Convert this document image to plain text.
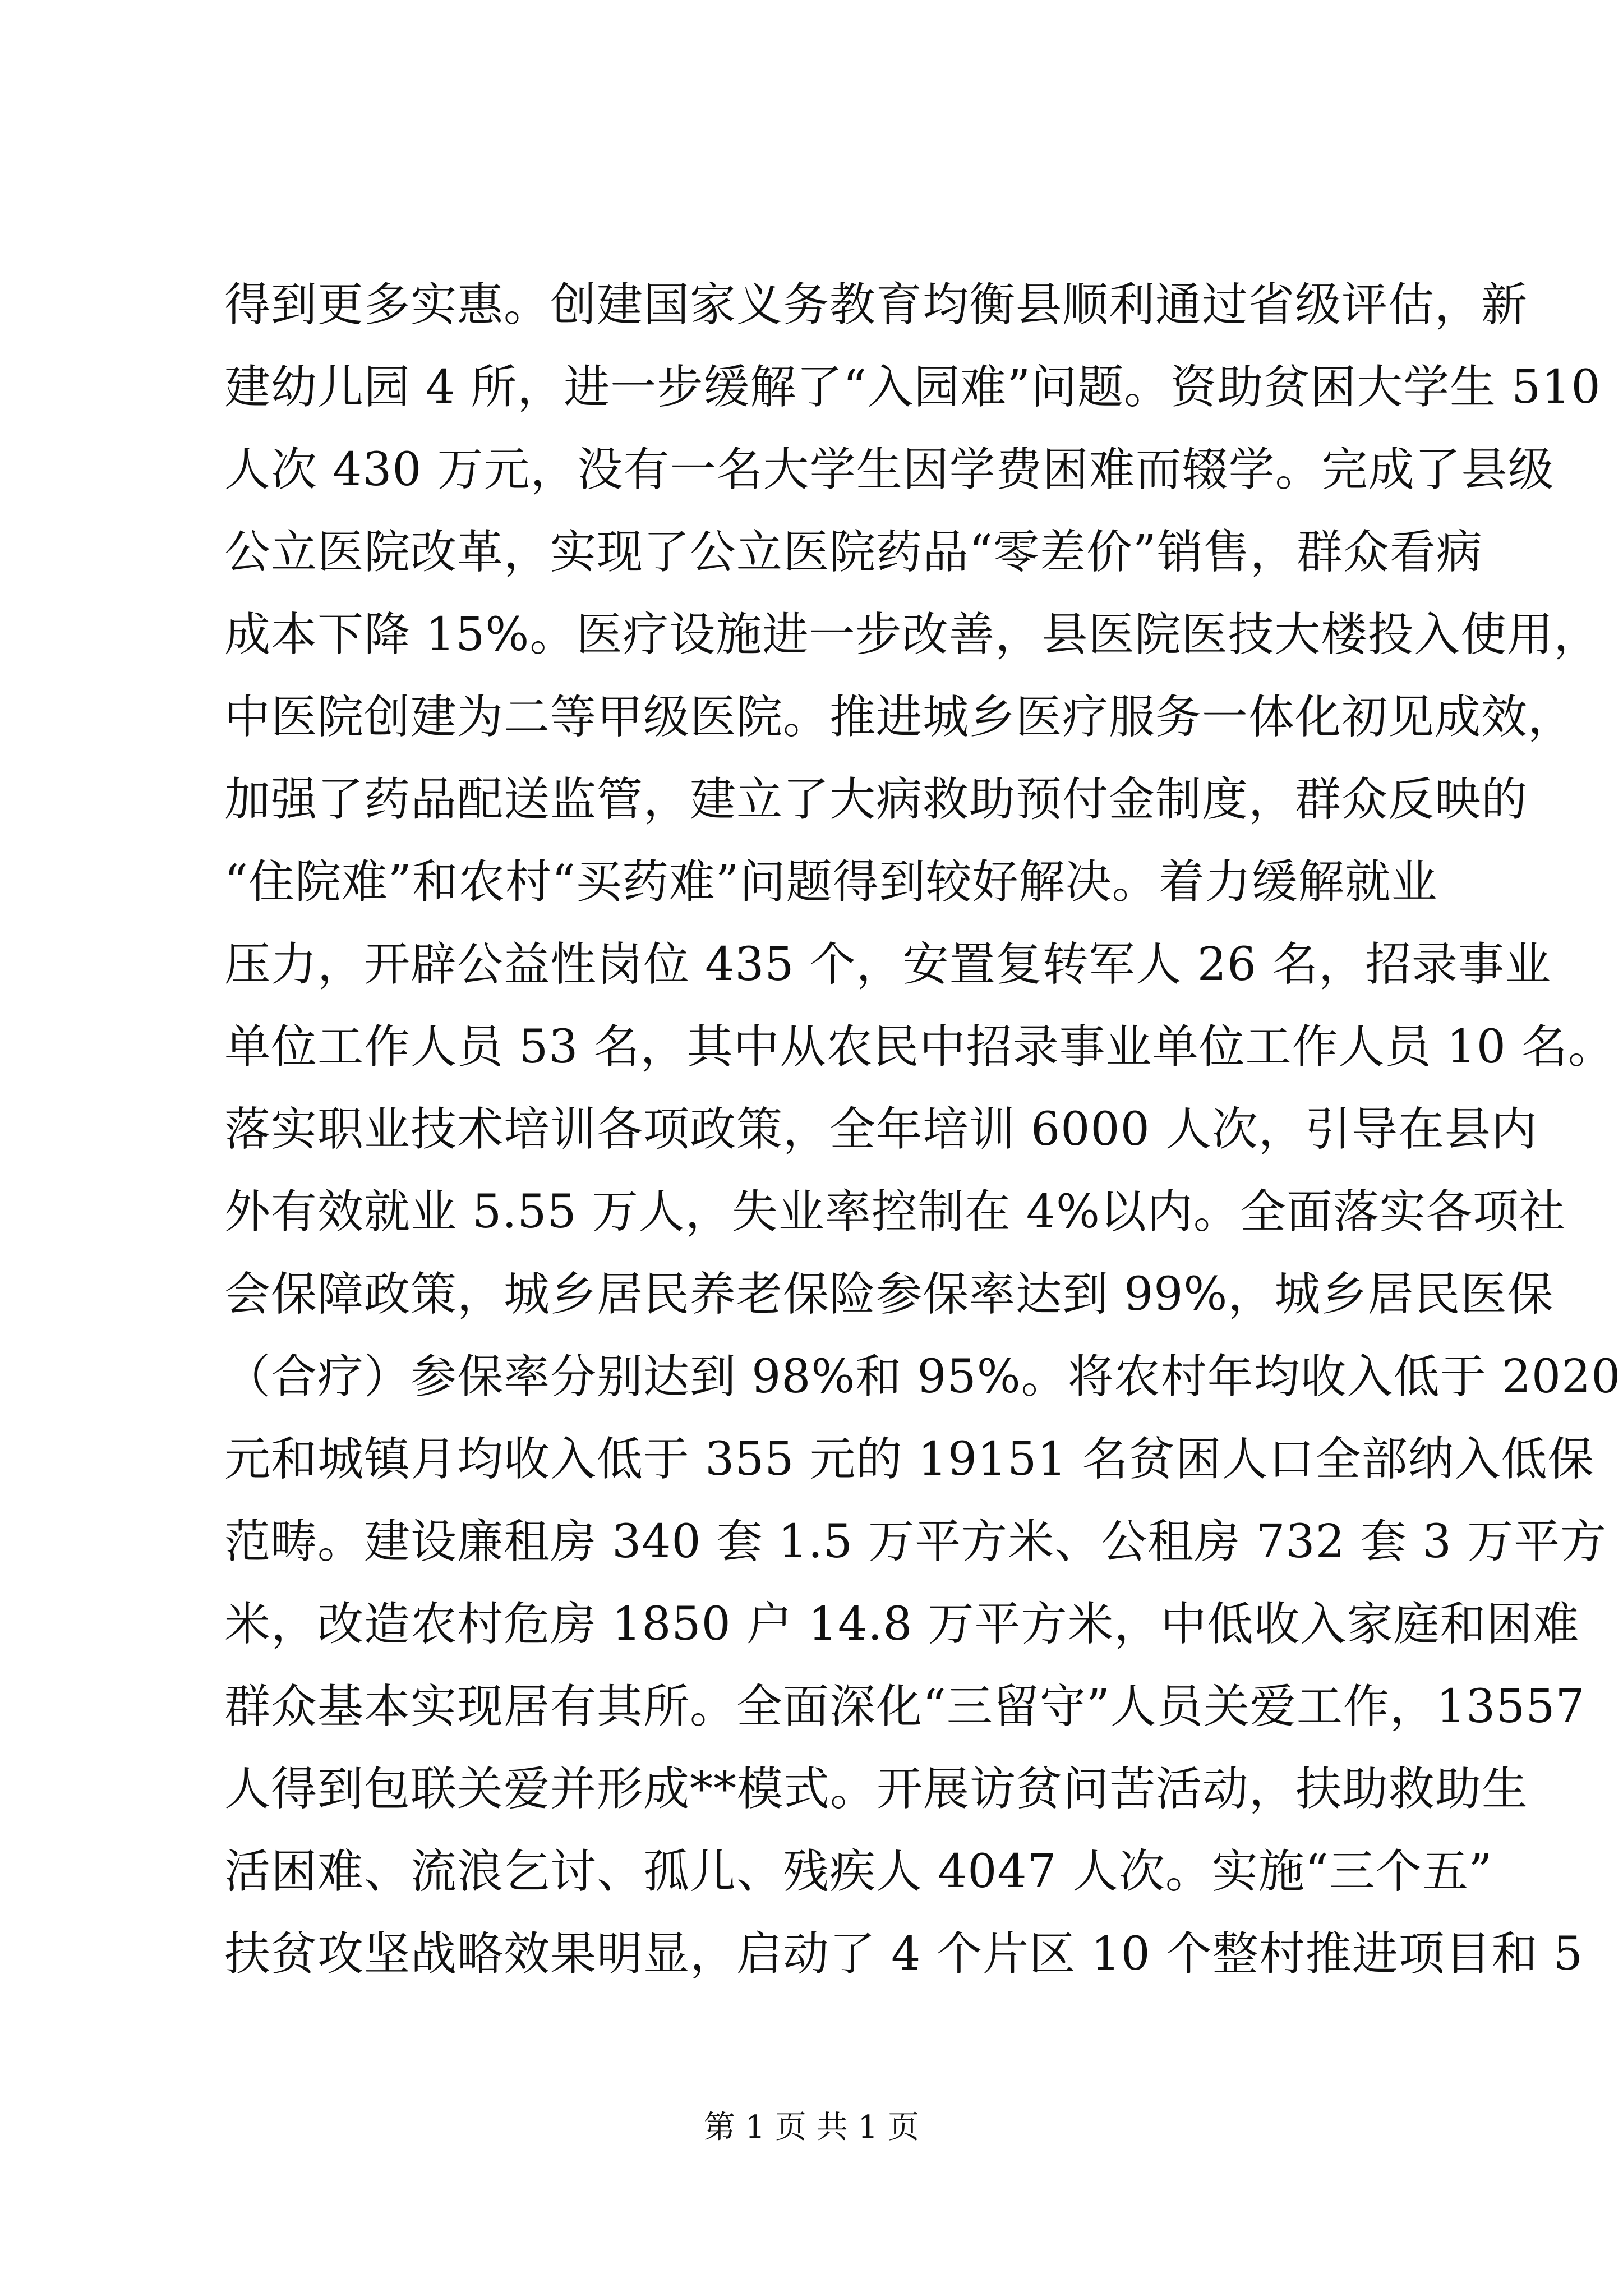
得到更多实惠。创建国家义务教育均衡县顺利通过省级评估，新
建幼儿园 4 所，进一步缓解了“入园难”问题。资助贫困大学生 510
人次 430 万元，没有一名大学生因学费困难而辍学。完成了县级
公立医院改革，实现了公立医院药品“零差价”销售，群众看病
成本下降 15%。医疗设施进一步改善，县医院医技大楼投入使用，
中医院创建为二等甲级医院。推进城乡医疗服务一体化初见成效，
加强了药品配送监管，建立了大病救助预付金制度，群众反映的
“住院难”和农村“买药难”问题得到较好解决。着力缓解就业
压力，开辟公益性岗位 435 个，安置复转军人 26 名，招录事业
单位工作人员 53 名，其中从农民中招录事业单位工作人员 10 名。
落实职业技术培训各项政策，全年培训 6000 人次，引导在县内
外有效就业 5.55 万人，失业率控制在 4%以内。全面落实各项社
会保障政策，城乡居民养老保险参保率达到 99%，城乡居民医保
（合疗）参保率分别达到 98%和 95%。将农村年均收入低于 2020
元和城镇月均收入低于 355 元的 19151 名贫困人口全部纳入低保
范畴。建设廉租房 340 套 1.5 万平方米、公租房 732 套 3 万平方
米，改造农村危房 1850 户 14.8 万平方米，中低收入家庭和困难
群众基本实现居有其所。全面深化“三留守”人员关爱工作，13557
人得到包联关爱并形成**模式。开展访贫问苦活动，扶助救助生
活困难、流浪乞讨、孤儿、残疾人 4047 人次。实施“三个五”
扶贫攻坚战略效果明显，启动了 4 个片区 10 个整村推进项目和 5
第 1 页 共 1 页
